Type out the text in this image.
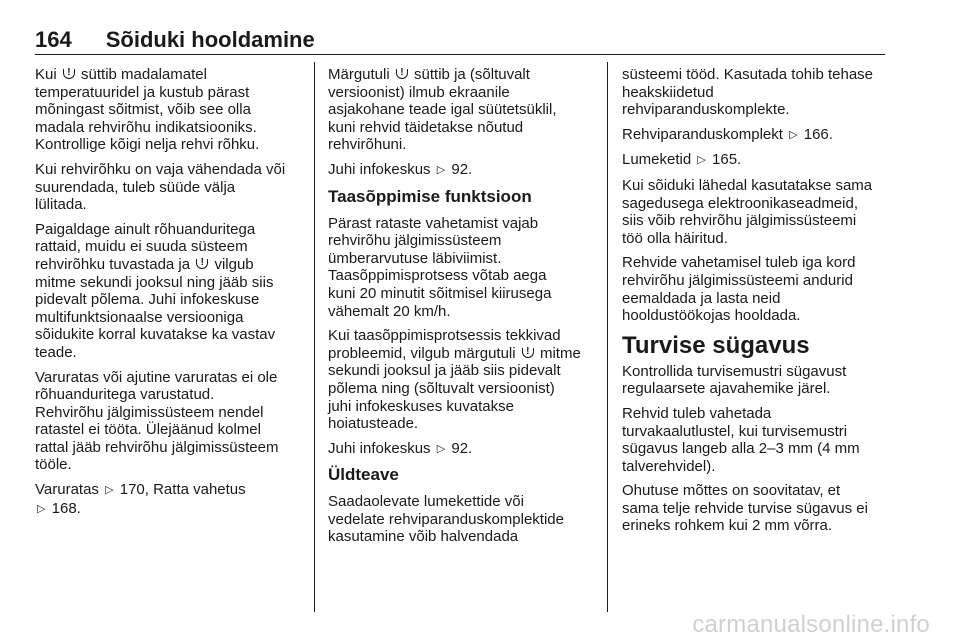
164 Sõiduki hooldamine

Kui ! süttib madalamatel
temperatuuridel ja kustub pärast
mõningast sõitmist, võib see olla
madala rehvirõhu indikatsiooniks.
Kontrollige kõigi nelja rehvi rõhku.

Kui rehvirõhku on vaja vähendada või
suurendada, tuleb süüde välja
lülitada.

Paigaldage ainult rõhuanduritega
rattaid, muidu ei suuda süsteem
rehvirõhku tuvastada ja ! vilgub
mitme sekundi jooksul ning jääb siis
pidevalt põlema. Juhi infokeskuse
multifunktsionaalse versiooniga
sõidukite korral kuvatakse ka vastav
teade.

Varuratas või ajutine varuratas ei ole
rõhuanduritega varustatud.
Rehvirõhu jälgimissüsteem nendel
ratastel ei tööta. Ülejäänud kolmel
rattal jääb rehvirõhu jälgimissüsteem
tööle.

Varuratas ▷ 170, Ratta vahetus
▷ 168.

Märgutuli ! süttib ja (sõltuvalt
versioonist) ilmub ekraanile
asjakohane teade igal süütetsüklil,
kuni rehvid täidetakse nõutud
rehvirõhuni.

Juhi infokeskus ▷ 92.

Taasõppimise funktsioon

Pärast rataste vahetamist vajab
rehvirõhu jälgimissüsteem
ümberarvutuse läbiviimist.
Taasõppimisprotsess võtab aega
kuni 20 minutit sõitmisel kiirusega
vähemalt 20 km/h.

Kui taasõppimisprotsessis tekkivad
probleemid, vilgub märgutuli ! mitme
sekundi jooksul ja jääb siis pidevalt
põlema ning (sõltuvalt versioonist)
juhi infokeskuses kuvatakse
hoiatusteade.

Juhi infokeskus ▷ 92.

Üldteave

Saadaolevate lumekettide või
vedelate rehviparanduskomplektide
kasutamine võib halvendada

süsteemi tööd. Kasutada tohib tehase
heakskiidetud
rehviparanduskomplekte.

Rehviparanduskomplekt ▷ 166.

Lumeketid ▷ 165.

Kui sõiduki lähedal kasutatakse sama
sagedusega elektroonikaseadmeid,
siis võib rehvirõhu jälgimissüsteemi
töö olla häiritud.

Rehvide vahetamisel tuleb iga kord
rehvirõhu jälgimissüsteemi andurid
eemaldada ja lasta neid
hooldustöökojas hooldada.

Turvise sügavus

Kontrollida turvisemustri sügavust
regulaarsete ajavahemike järel.

Rehvid tuleb vahetada
turvakaalutlustel, kui turvisemustri
sügavus langeb alla 2–3 mm (4 mm
talverehvidel).

Ohutuse mõttes on soovitatav, et
sama telje rehvide turvise sügavus ei
erineks rohkem kui 2 mm võrra.

carmanualsonline.info
